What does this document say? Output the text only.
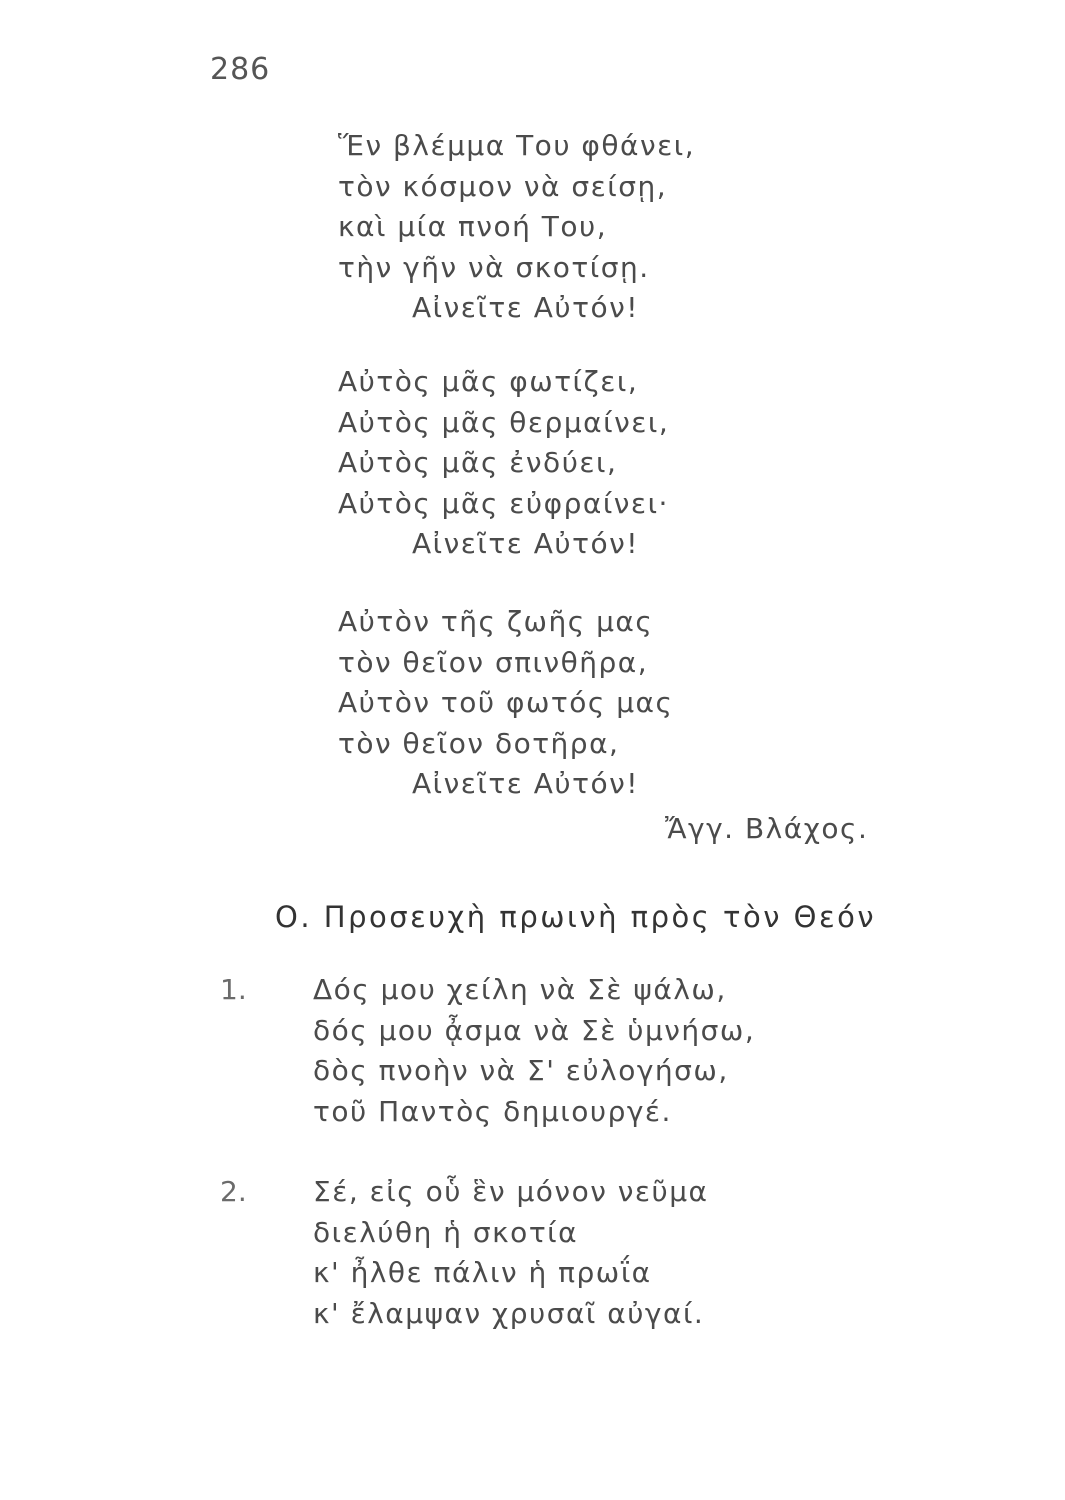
286
Ἕν βλέμμα Του φθάνει,
τὸν κόσμον νὰ σείσῃ,
καὶ μία πνοή Του,
τὴν γῆν νὰ σκοτίσῃ.
Αἰνεῖτε Αὐτόν!
Αὐτὸς μᾶς φωτίζει,
Αὐτὸς μᾶς θερμαίνει,
Αὐτὸς μᾶς ἐνδύει,
Αὐτὸς μᾶς εὐφραίνει·
Αἰνεῖτε Αὐτόν!
Αὐτὸν τῆς ζωῆς μας
τὸν θεῖον σπινθῆρα,
Αὐτὸν τοῦ φωτός μας
τὸν θεῖον δοτῆρα,
Αἰνεῖτε Αὐτόν!
Ἄγγ. Βλάχος.
Ο. Προσευχὴ πρωινὴ πρὸς τὸν Θεόν
1. Δός μου χείλη νὰ Σὲ ψάλω,
δός μου ᾆσμα νὰ Σὲ ὑμνήσω,
δὸς πνοὴν νὰ Σ' εὐλογήσω,
τοῦ Παντὸς δημιουργέ.
2. Σέ, εἰς οὗ ἓν μόνον νεῦμα
διελύθη ἡ σκοτία
κ' ἦλθε πάλιν ἡ πρωΐα
κ' ἔλαμψαν χρυσαῖ αὐγαί.
